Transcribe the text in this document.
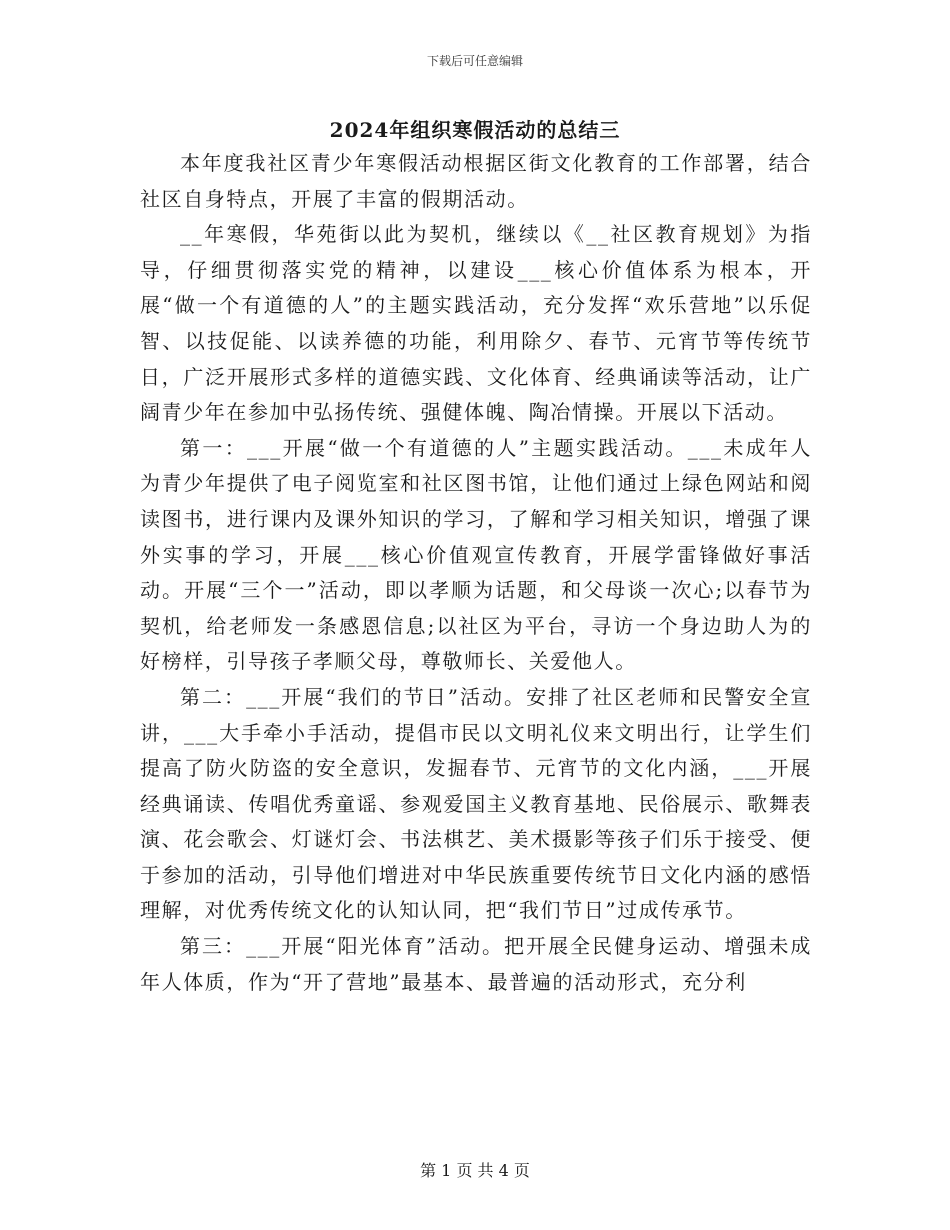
下载后可任意编辑
2024年组织寒假活动的总结三

本年度我社区青少年寒假活动根据区街文化教育的工作部署，结合社区自身特点，开展了丰富的假期活动。

__年寒假，华苑街以此为契机，继续以《__社区教育规划》为指导，仔细贯彻落实党的精神，以建设___核心价值体系为根本，开展“做一个有道德的人”的主题实践活动，充分发挥“欢乐营地”以乐促智、以技促能、以读养德的功能，利用除夕、春节、元宵节等传统节日，广泛开展形式多样的道德实践、文化体育、经典诵读等活动，让广阔青少年在参加中弘扬传统、强健体魄、陶冶情操。开展以下活动。

第一：___开展“做一个有道德的人”主题实践活动。___未成年人为青少年提供了电子阅览室和社区图书馆，让他们通过上绿色网站和阅读图书，进行课内及课外知识的学习，了解和学习相关知识，增强了课外实事的学习，开展___核心价值观宣传教育，开展学雷锋做好事活动。开展“三个一”活动，即以孝顺为话题，和父母谈一次心;以春节为契机，给老师发一条感恩信息;以社区为平台，寻访一个身边助人为的好榜样，引导孩子孝顺父母，尊敬师长、关爱他人。

第二：___开展“我们的节日”活动。安排了社区老师和民警安全宣讲，___大手牵小手活动，提倡市民以文明礼仪来文明出行，让学生们提高了防火防盗的安全意识，发掘春节、元宵节的文化内涵，___开展经典诵读、传唱优秀童谣、参观爱国主义教育基地、民俗展示、歌舞表演、花会歌会、灯谜灯会、书法棋艺、美术摄影等孩子们乐于接受、便于参加的活动，引导他们增进对中华民族重要传统节日文化内涵的感悟理解，对优秀传统文化的认知认同，把“我们节日”过成传承节。

第三：___开展“阳光体育”活动。把开展全民健身运动、增强未成年人体质，作为“开了营地”最基本、最普遍的活动形式，充分利

第 1 页 共 4 页
